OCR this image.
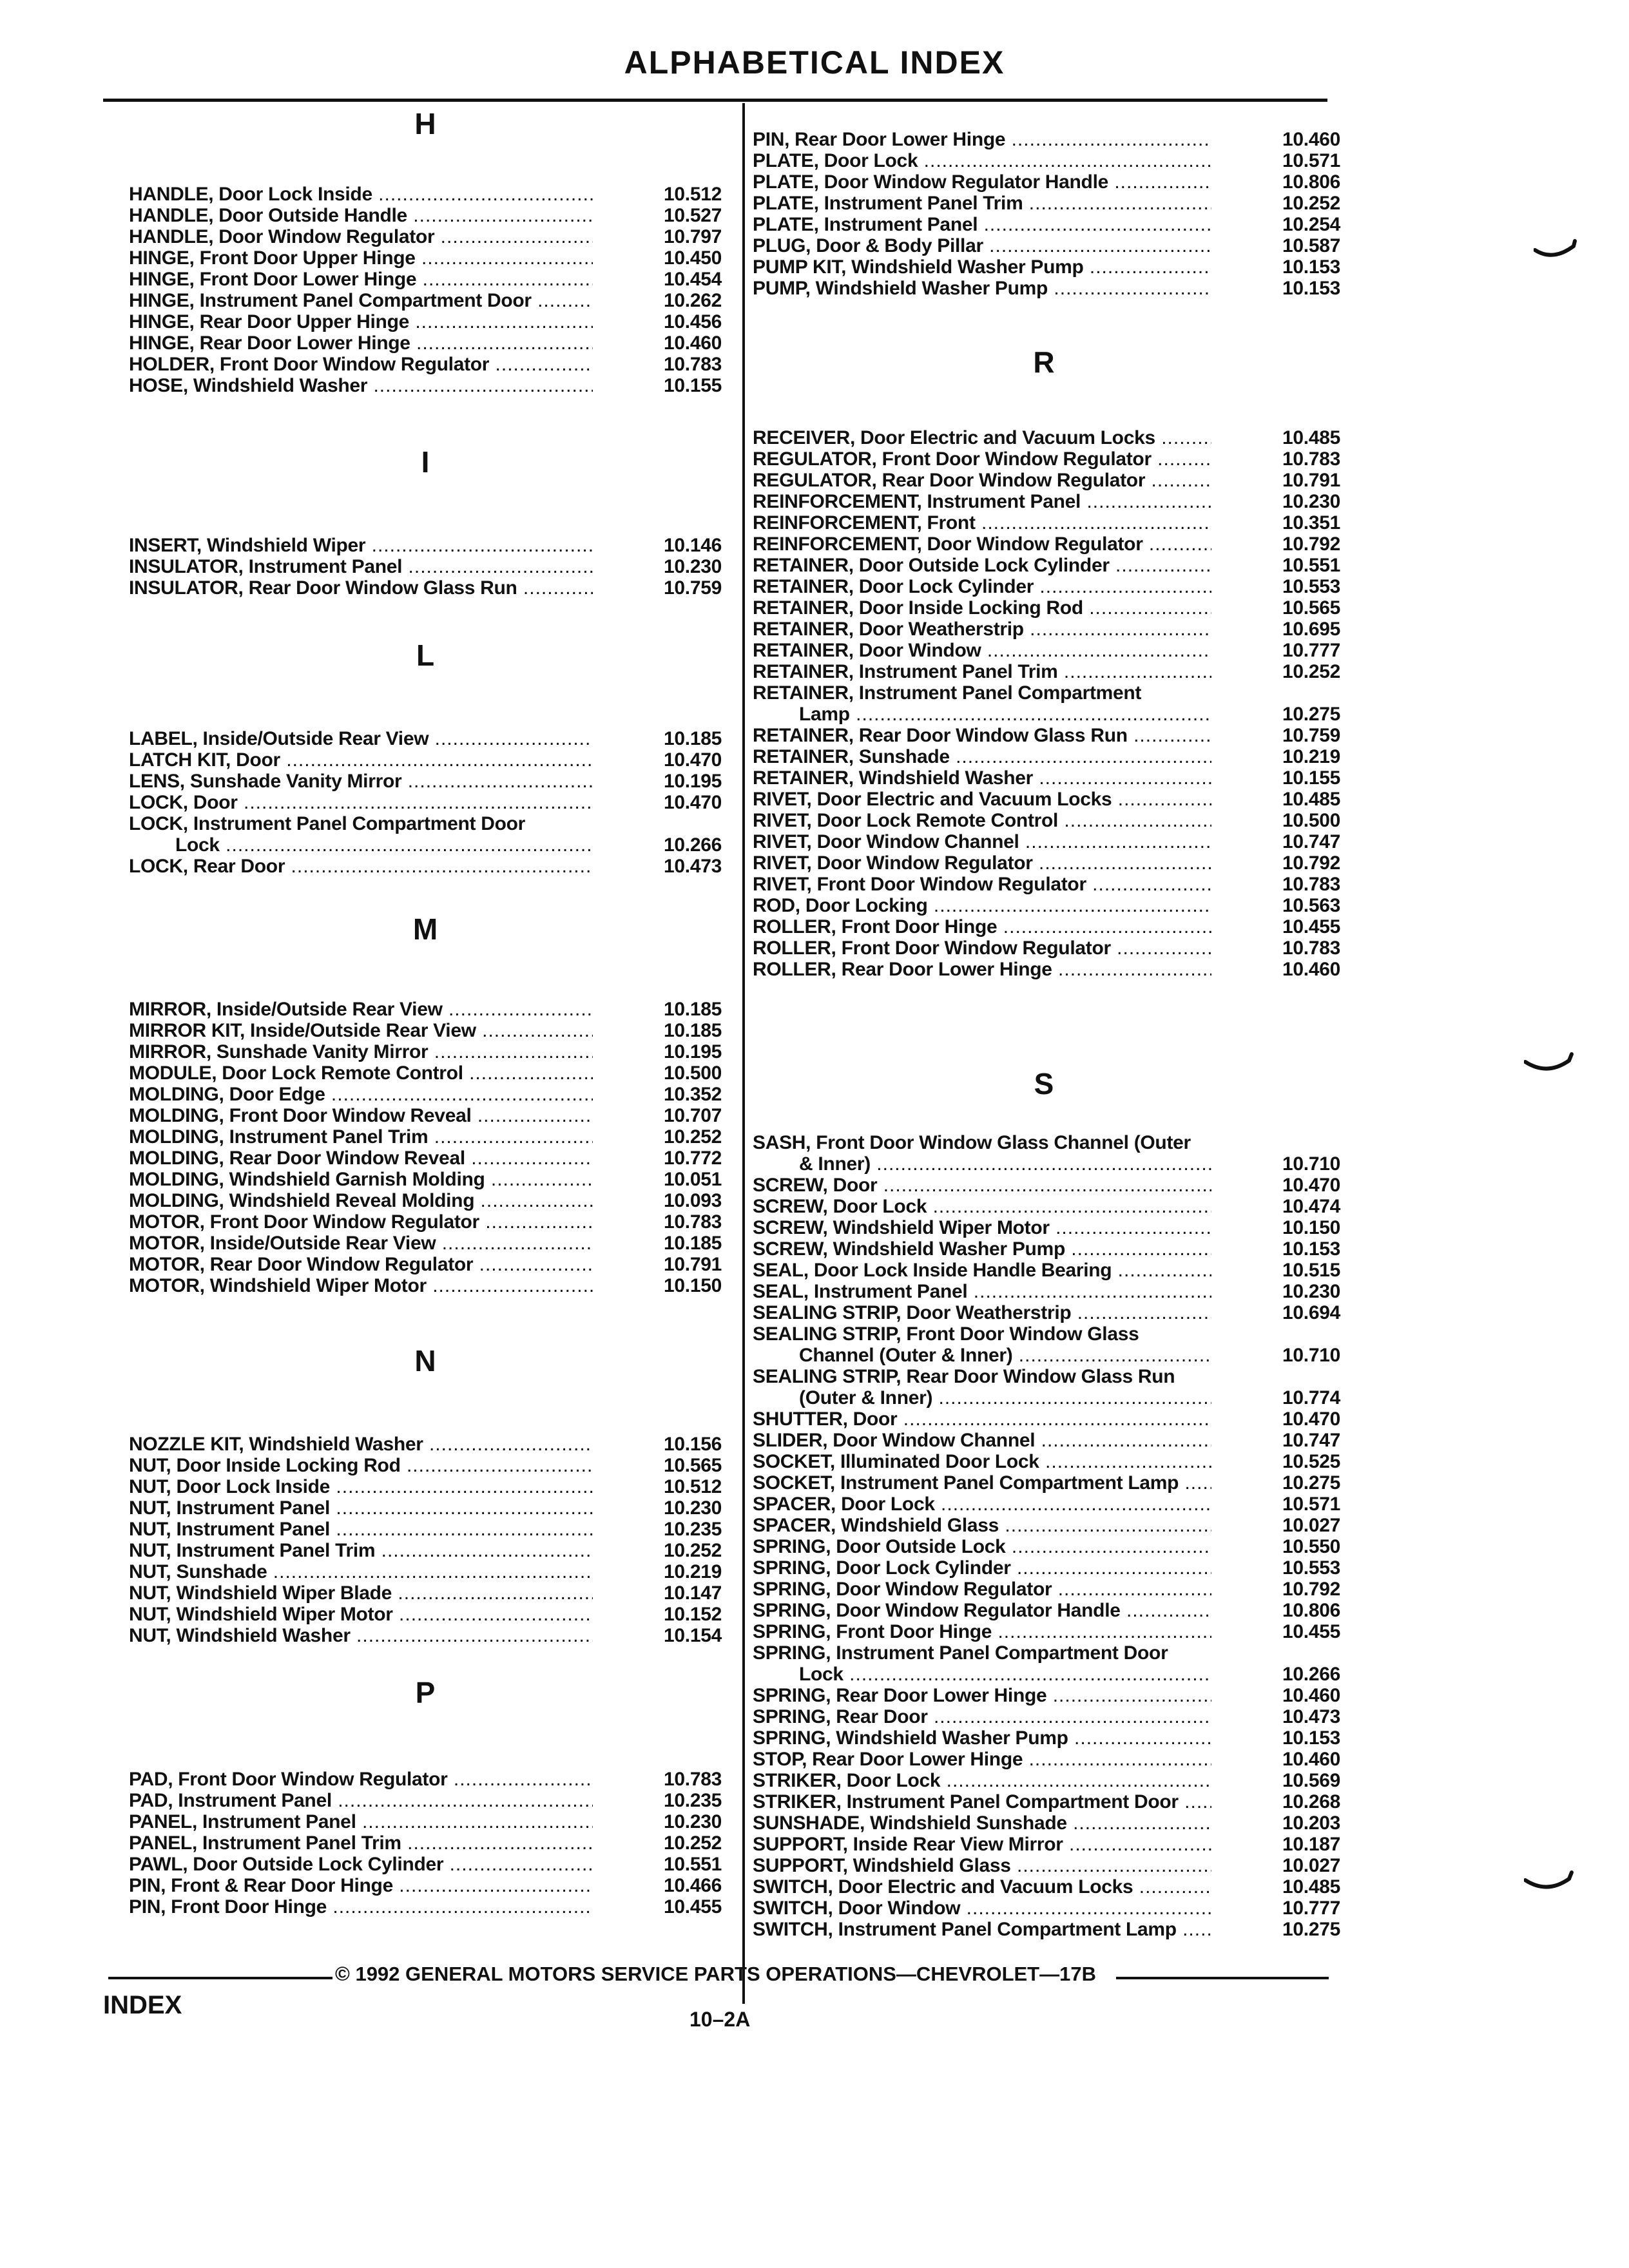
ALPHABETICAL INDEX
H
HANDLE, Door Lock Inside .....	10.512
HANDLE, Door Outside Handle .....	10.527
HANDLE, Door Window Regulator .....	10.797
HINGE, Front Door Upper Hinge .....	10.450
HINGE, Front Door Lower Hinge .....	10.454
HINGE, Instrument Panel Compartment Door .....	10.262
HINGE, Rear Door Upper Hinge .....	10.456
HINGE, Rear Door Lower Hinge .....	10.460
HOLDER, Front Door Window Regulator .....	10.783
HOSE, Windshield Washer .....	10.155
I
INSERT, Windshield Wiper .....	10.146
INSULATOR, Instrument Panel .....	10.230
INSULATOR, Rear Door Window Glass Run .....	10.759
L
LABEL, Inside/Outside Rear View .....	10.185
LATCH KIT, Door .....	10.470
LENS, Sunshade Vanity Mirror .....	10.195
LOCK, Door .....	10.470
LOCK, Instrument Panel Compartment Door
Lock .....	10.266
LOCK, Rear Door .....	10.473
M
MIRROR, Inside/Outside Rear View .....	10.185
MIRROR KIT, Inside/Outside Rear View .....	10.185
MIRROR, Sunshade Vanity Mirror .....	10.195
MODULE, Door Lock Remote Control .....	10.500
MOLDING, Door Edge .....	10.352
MOLDING, Front Door Window Reveal .....	10.707
MOLDING, Instrument Panel Trim .....	10.252
MOLDING, Rear Door Window Reveal .....	10.772
MOLDING, Windshield Garnish Molding .....	10.051
MOLDING, Windshield Reveal Molding .....	10.093
MOTOR, Front Door Window Regulator .....	10.783
MOTOR, Inside/Outside Rear View .....	10.185
MOTOR, Rear Door Window Regulator .....	10.791
MOTOR, Windshield Wiper Motor .....	10.150
N
NOZZLE KIT, Windshield Washer .....	10.156
NUT, Door Inside Locking Rod .....	10.565
NUT, Door Lock Inside .....	10.512
NUT, Instrument Panel .....	10.230
NUT, Instrument Panel .....	10.235
NUT, Instrument Panel Trim .....	10.252
NUT, Sunshade .....	10.219
NUT, Windshield Wiper Blade .....	10.147
NUT, Windshield Wiper Motor .....	10.152
NUT, Windshield Washer .....	10.154
P
PAD, Front Door Window Regulator .....	10.783
PAD, Instrument Panel .....	10.235
PANEL, Instrument Panel .....	10.230
PANEL, Instrument Panel Trim .....	10.252
PAWL, Door Outside Lock Cylinder .....	10.551
PIN, Front & Rear Door Hinge .....	10.466
PIN, Front Door Hinge .....	10.455
PIN, Rear Door Lower Hinge .....	10.460
PLATE, Door Lock .....	10.571
PLATE, Door Window Regulator Handle .....	10.806
PLATE, Instrument Panel Trim .....	10.252
PLATE, Instrument Panel .....	10.254
PLUG, Door & Body Pillar .....	10.587
PUMP KIT, Windshield Washer Pump .....	10.153
PUMP, Windshield Washer Pump .....	10.153
R
RECEIVER, Door Electric and Vacuum Locks .....	10.485
REGULATOR, Front Door Window Regulator .....	10.783
REGULATOR, Rear Door Window Regulator .....	10.791
REINFORCEMENT, Instrument Panel .....	10.230
REINFORCEMENT, Front .....	10.351
REINFORCEMENT, Door Window Regulator .....	10.792
RETAINER, Door Outside Lock Cylinder .....	10.551
RETAINER, Door Lock Cylinder .....	10.553
RETAINER, Door Inside Locking Rod .....	10.565
RETAINER, Door Weatherstrip .....	10.695
RETAINER, Door Window .....	10.777
RETAINER, Instrument Panel Trim .....	10.252
RETAINER, Instrument Panel Compartment
Lamp .....	10.275
RETAINER, Rear Door Window Glass Run .....	10.759
RETAINER, Sunshade .....	10.219
RETAINER, Windshield Washer .....	10.155
RIVET, Door Electric and Vacuum Locks .....	10.485
RIVET, Door Lock Remote Control .....	10.500
RIVET, Door Window Channel .....	10.747
RIVET, Door Window Regulator .....	10.792
RIVET, Front Door Window Regulator .....	10.783
ROD, Door Locking .....	10.563
ROLLER, Front Door Hinge .....	10.455
ROLLER, Front Door Window Regulator .....	10.783
ROLLER, Rear Door Lower Hinge .....	10.460
S
SASH, Front Door Window Glass Channel (Outer
& Inner) .....	10.710
SCREW, Door .....	10.470
SCREW, Door Lock .....	10.474
SCREW, Windshield Wiper Motor .....	10.150
SCREW, Windshield Washer Pump .....	10.153
SEAL, Door Lock Inside Handle Bearing .....	10.515
SEAL, Instrument Panel .....	10.230
SEALING STRIP, Door Weatherstrip .....	10.694
SEALING STRIP, Front Door Window Glass
Channel (Outer & Inner) .....	10.710
SEALING STRIP, Rear Door Window Glass Run
(Outer & Inner) .....	10.774
SHUTTER, Door .....	10.470
SLIDER, Door Window Channel .....	10.747
SOCKET, Illuminated Door Lock .....	10.525
SOCKET, Instrument Panel Compartment Lamp .....	10.275
SPACER, Door Lock .....	10.571
SPACER, Windshield Glass .....	10.027
SPRING, Door Outside Lock .....	10.550
SPRING, Door Lock Cylinder .....	10.553
SPRING, Door Window Regulator .....	10.792
SPRING, Door Window Regulator Handle .....	10.806
SPRING, Front Door Hinge .....	10.455
SPRING, Instrument Panel Compartment Door
Lock .....	10.266
SPRING, Rear Door Lower Hinge .....	10.460
SPRING, Rear Door .....	10.473
SPRING, Windshield Washer Pump .....	10.153
STOP, Rear Door Lower Hinge .....	10.460
STRIKER, Door Lock .....	10.569
STRIKER, Instrument Panel Compartment Door .....	10.268
SUNSHADE, Windshield Sunshade .....	10.203
SUPPORT, Inside Rear View Mirror .....	10.187
SUPPORT, Windshield Glass .....	10.027
SWITCH, Door Electric and Vacuum Locks .....	10.485
SWITCH, Door Window .....	10.777
SWITCH, Instrument Panel Compartment Lamp .....	10.275
© 1992 GENERAL MOTORS SERVICE PARTS OPERATIONS—CHEVROLET—17B
INDEX	10–2A
